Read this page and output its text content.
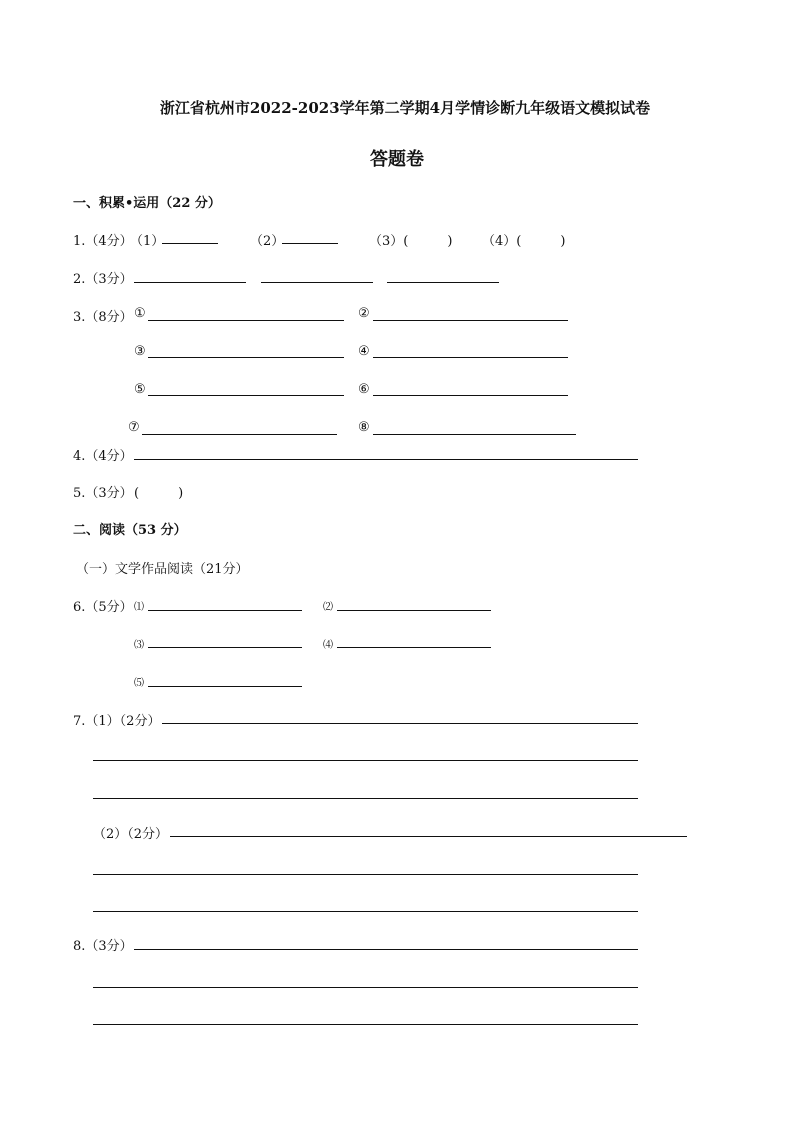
浙江省杭州市2022-2023学年第二学期4月学情诊断九年级语文模拟试卷
答题卷
一、积累•运用（22 分）
1.（4分）
（1）	（2）	（3）(　　　) （4）(　　　)
2.（3分）
3.（8分） ①	②
③	④
⑤	⑥
⑦	⑧
4.（4分）
5.（3分） (　　　)
二、阅读（53 分）
（一）文学作品阅读（21分）
6.（5分） ⑴	⑵
⑶	⑷
⑸
7.（1）（2分）
（2）（2分）
8.（3分）
